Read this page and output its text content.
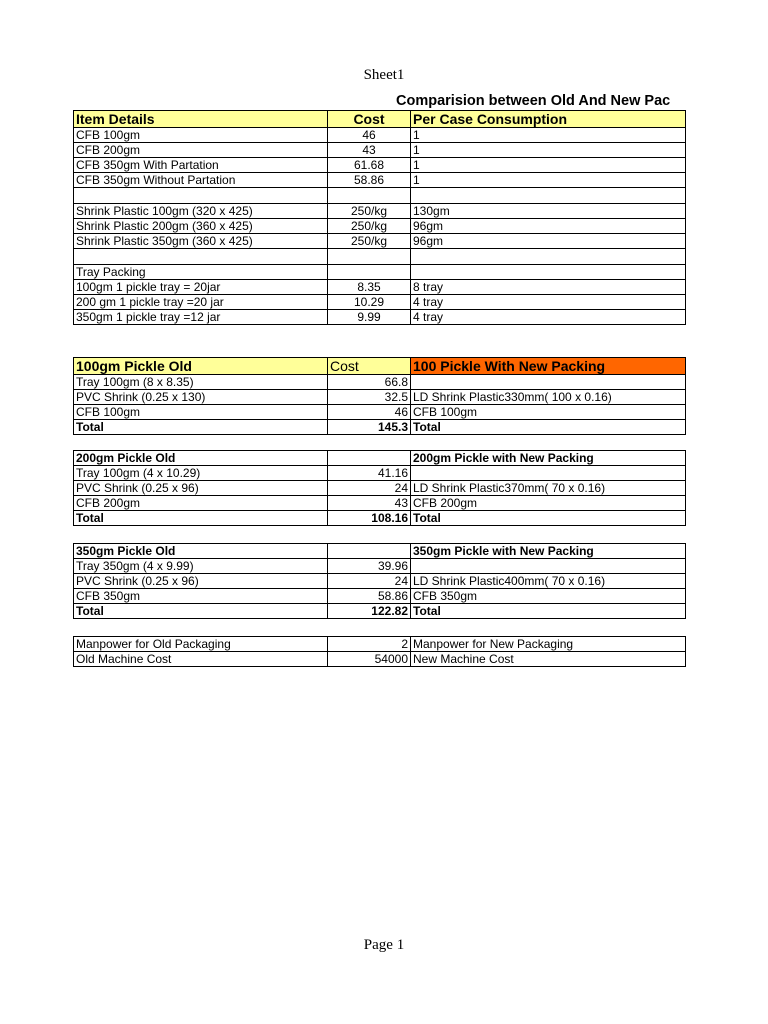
Sheet1
Comparision between Old And New Pac
Item Details	Cost	Per Case Consumption
CFB 100gm	46	1
CFB 200gm	43	1
CFB 350gm With Partation	61.68	1
CFB 350gm Without Partation	58.86	1

Shrink Plastic 100gm (320 x 425)	250/kg	130gm
Shrink Plastic 200gm (360 x 425)	250/kg	96gm
Shrink Plastic 350gm (360 x 425)	250/kg	96gm

Tray Packing		
100gm 1 pickle tray = 20jar	8.35	8 tray
200 gm 1 pickle tray =20 jar	10.29	4 tray
350gm 1 pickle tray =12 jar	9.99	4 tray
100gm Pickle Old	Cost	100 Pickle With New Packing
Tray 100gm (8 x 8.35)	66.8	
PVC Shrink (0.25 x 130)	32.5	LD Shrink Plastic330mm( 100 x 0.16)
CFB 100gm	46	CFB 100gm
Total	145.3	Total
200gm Pickle Old		200gm Pickle with New Packing
Tray 100gm (4 x 10.29)	41.16	
PVC Shrink (0.25 x 96)	24	LD Shrink Plastic370mm( 70 x 0.16)
CFB 200gm	43	CFB 200gm
Total	108.16	Total
350gm Pickle Old		350gm Pickle with New Packing
Tray 350gm (4 x 9.99)	39.96	
PVC Shrink (0.25 x 96)	24	LD Shrink Plastic400mm( 70 x 0.16)
CFB 350gm	58.86	CFB 350gm
Total	122.82	Total
Manpower for Old Packaging	2	Manpower for New Packaging
Old Machine Cost	54000	New Machine Cost
Page 1
